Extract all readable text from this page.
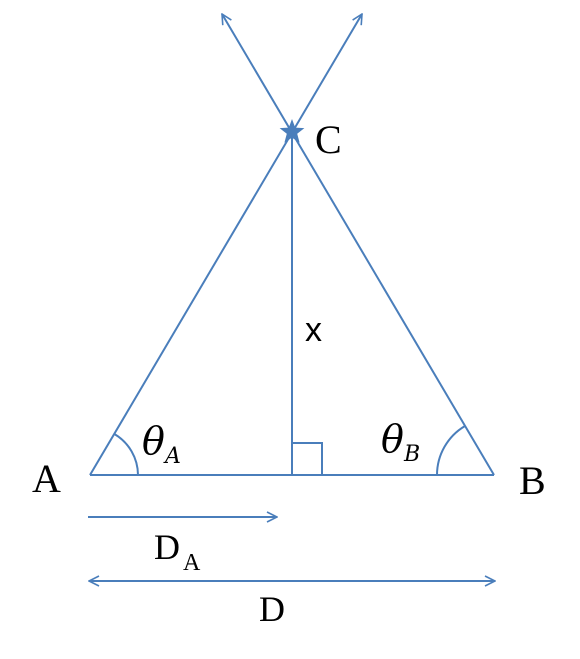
A	B
C
x
θ A	θ B
D A
D
